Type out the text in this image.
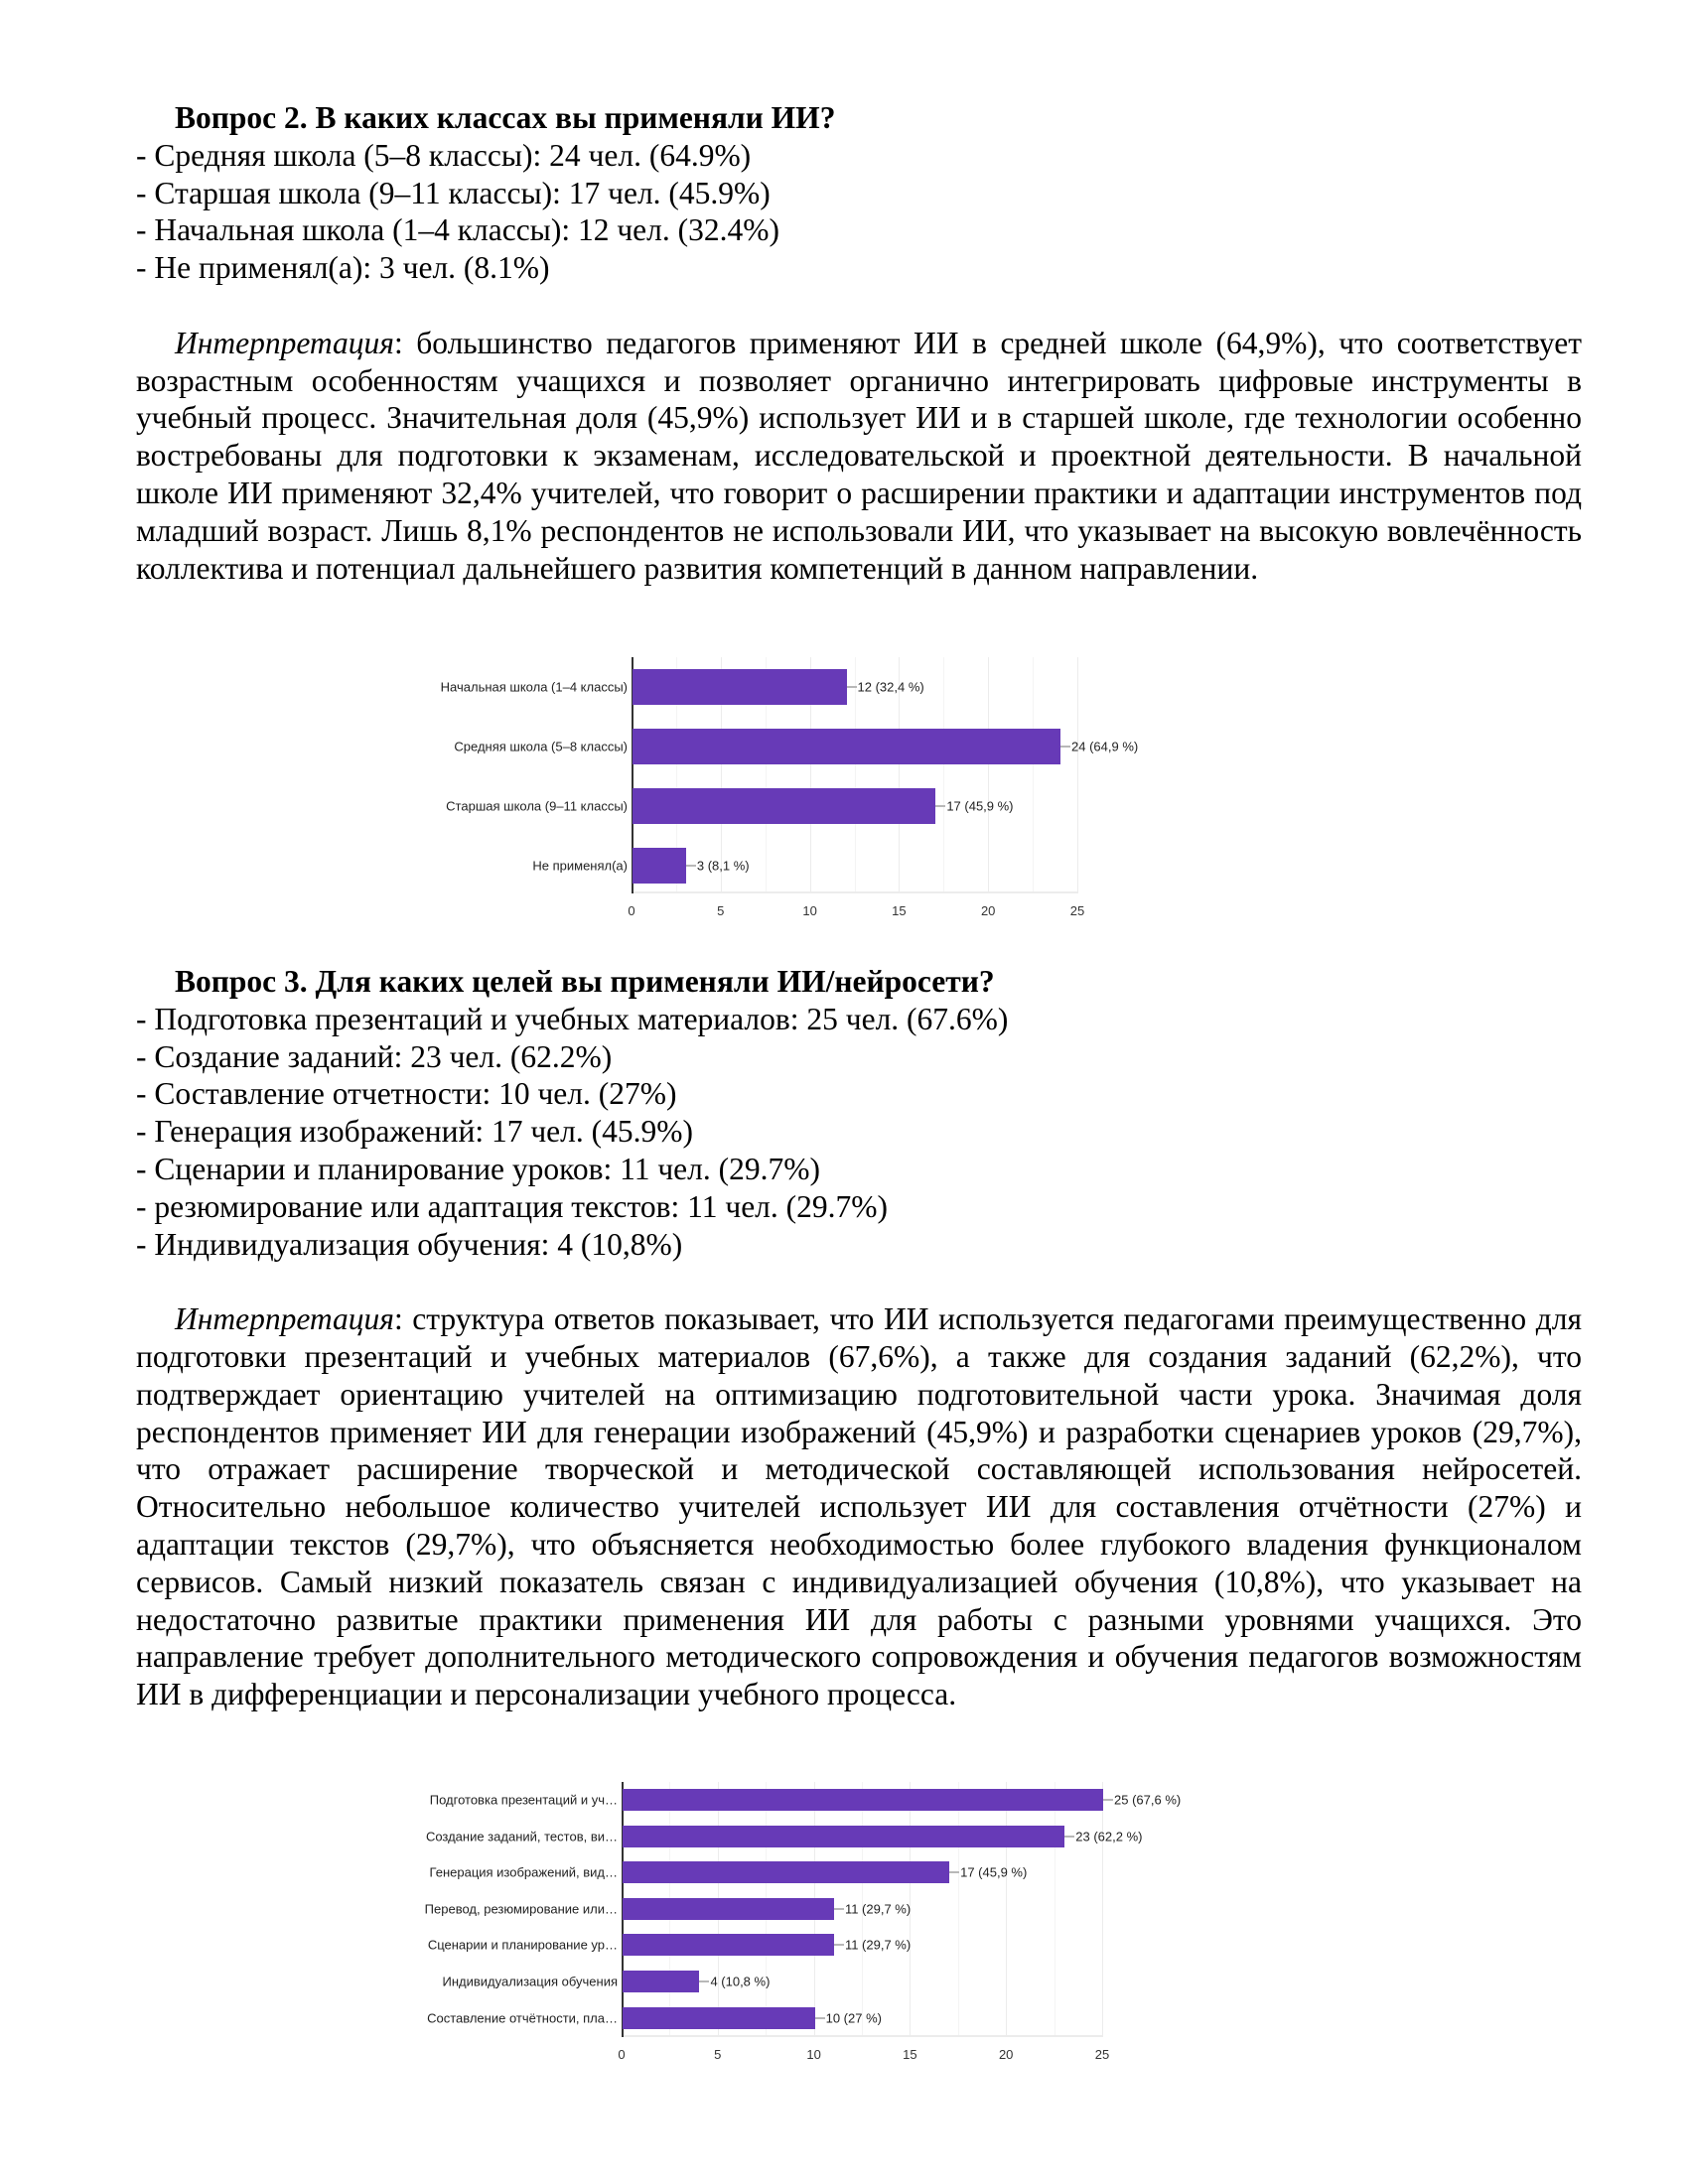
Вопрос 2. В каких классах вы применяли ИИ?
- Средняя школа (5–8 классы): 24 чел. (64.9%)
- Старшая школа (9–11 классы): 17 чел. (45.9%)
- Начальная школа (1–4 классы): 12 чел. (32.4%)
- Не применял(а): 3 чел. (8.1%)

Интерпретация: большинство педагогов применяют ИИ в средней школе (64,9%), что соответствует возрастным особенностям учащихся и позволяет органично интегрировать цифровые инструменты в учебный процесс. Значительная доля (45,9%) использует ИИ и в старшей школе, где технологии особенно востребованы для подготовки к экзаменам, исследовательской и проектной деятельности. В начальной школе ИИ применяют 32,4% учителей, что говорит о расширении практики и адаптации инструментов под младший возраст. Лишь 8,1% респондентов не использовали ИИ, что указывает на высокую вовлечённость коллектива и потенциал дальнейшего развития компетенций в данном направлении.

Вопрос 3. Для каких целей вы применяли ИИ/нейросети?
- Подготовка презентаций и учебных материалов: 25 чел. (67.6%)
- Создание заданий: 23 чел. (62.2%)
- Составление отчетности: 10 чел. (27%)
- Генерация изображений: 17 чел. (45.9%)
- Сценарии и планирование уроков: 11 чел. (29.7%)
- резюмирование или адаптация текстов: 11 чел. (29.7%)
- Индивидуализация обучения: 4 (10,8%)

Интерпретация: структура ответов показывает, что ИИ используется педагогами преимущественно для подготовки презентаций и учебных материалов (67,6%), а также для создания заданий (62,2%), что подтверждает ориентацию учителей на оптимизацию подготовительной части урока. Значимая доля респондентов применяет ИИ для генерации изображений (45,9%) и разработки сценариев уроков (29,7%), что отражает расширение творческой и методической составляющей использования нейросетей. Относительно небольшое количество учителей использует ИИ для составления отчётности (27%) и адаптации текстов (29,7%), что объясняется необходимостью более глубокого владения функционалом сервисов. Самый низкий показатель связан с индивидуализацией обучения (10,8%), что указывает на недостаточно развитые практики применения ИИ для работы с разными уровнями учащихся. Это направление требует дополнительного методического сопровождения и обучения педагогов возможностям ИИ в дифференциации и персонализации учебного процесса.

Начальная школа (1–4 классы)	12 (32,4 %)
Средняя школа (5–8 классы)	24 (64,9 %)
Старшая школа (9–11 классы)	17 (45,9 %)
Не применял(а)	3 (8,1 %)
0	5	10	15	20	25
Подготовка презентаций и уч…	25 (67,6 %)
Создание заданий, тестов, ви…	23 (62,2 %)
Генерация изображений, вид…	17 (45,9 %)
Перевод, резюмирование или…	11 (29,7 %)
Сценарии и планирование ур…	11 (29,7 %)
Индивидуализация обучения	4 (10,8 %)
Составление отчётности, пла…	10 (27 %)
0	5	10	15	20	25
